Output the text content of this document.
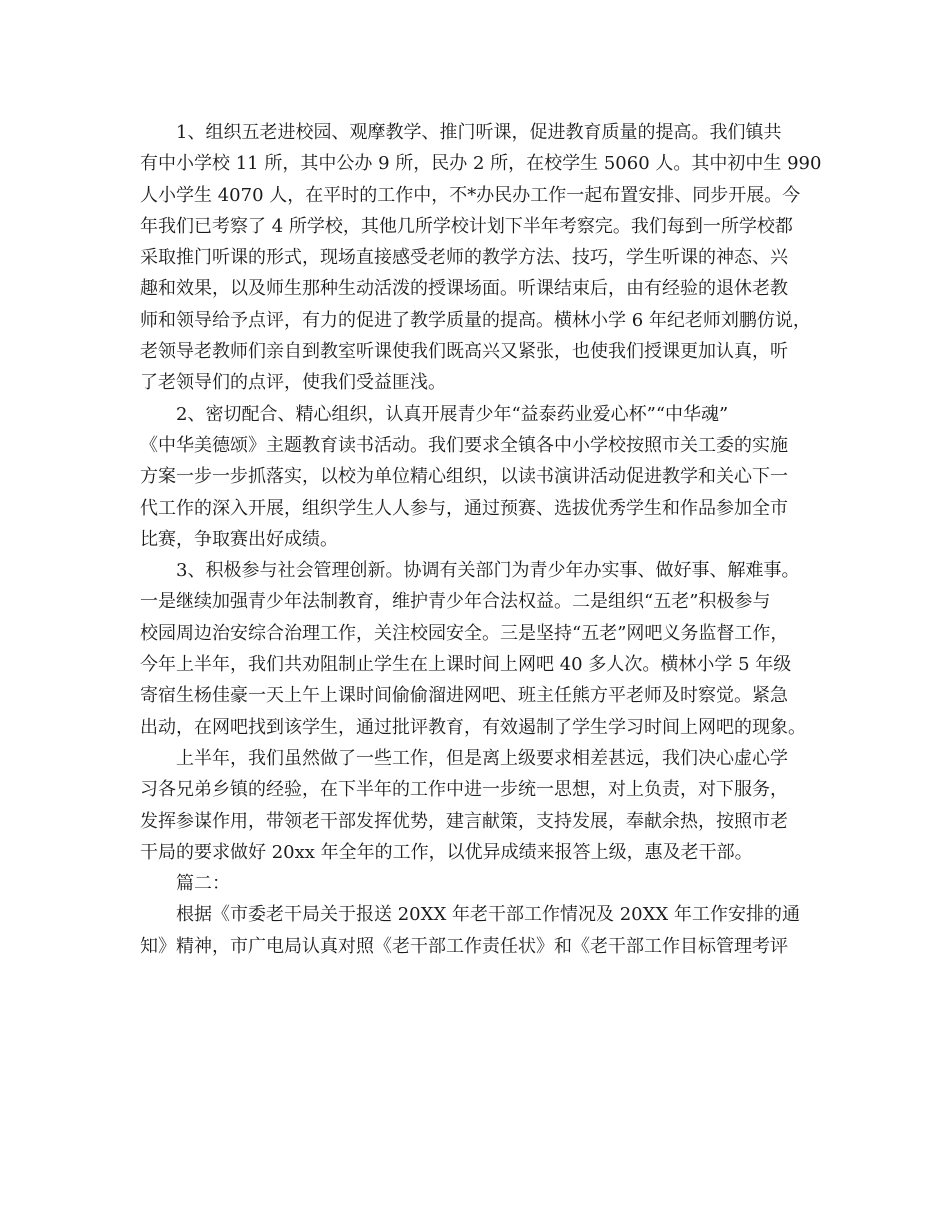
1、组织五老进校园、观摩教学、推门听课，促进教育质量的提高。我们镇共
有中小学校 11 所，其中公办 9 所，民办 2 所，在校学生 5060 人。其中初中生 990
人小学生 4070 人，在平时的工作中，不*办民办工作一起布置安排、同步开展。今
年我们已考察了 4 所学校，其他几所学校计划下半年考察完。我们每到一所学校都
采取推门听课的形式，现场直接感受老师的教学方法、技巧，学生听课的神态、兴
趣和效果，以及师生那种生动活泼的授课场面。听课结束后，由有经验的退休老教
师和领导给予点评，有力的促进了教学质量的提高。横林小学 6 年纪老师刘鹏仿说，
老领导老教师们亲自到教室听课使我们既高兴又紧张，也使我们授课更加认真，听
了老领导们的点评，使我们受益匪浅。
2、密切配合、精心组织，认真开展青少年“益泰药业爱心杯”“中华魂”
《中华美德颂》主题教育读书活动。我们要求全镇各中小学校按照市关工委的实施
方案一步一步抓落实，以校为单位精心组织，以读书演讲活动促进教学和关心下一
代工作的深入开展，组织学生人人参与，通过预赛、选拔优秀学生和作品参加全市
比赛，争取赛出好成绩。
3、积极参与社会管理创新。协调有关部门为青少年办实事、做好事、解难事。
一是继续加强青少年法制教育，维护青少年合法权益。二是组织“五老”积极参与
校园周边治安综合治理工作，关注校园安全。三是坚持“五老”网吧义务监督工作，
今年上半年，我们共劝阻制止学生在上课时间上网吧 40 多人次。横林小学 5 年级
寄宿生杨佳豪一天上午上课时间偷偷溜进网吧、班主任熊方平老师及时察觉。紧急
出动，在网吧找到该学生，通过批评教育，有效遏制了学生学习时间上网吧的现象。
上半年，我们虽然做了一些工作，但是离上级要求相差甚远，我们决心虚心学
习各兄弟乡镇的经验，在下半年的工作中进一步统一思想，对上负责，对下服务，
发挥参谋作用，带领老干部发挥优势，建言献策，支持发展，奉献余热，按照市老
干局的要求做好 20xx 年全年的工作，以优异成绩来报答上级，惠及老干部。
篇二：
根据《市委老干局关于报送 20XX 年老干部工作情况及 20XX 年工作安排的通
知》精神，市广电局认真对照《老干部工作责任状》和《老干部工作目标管理考评
